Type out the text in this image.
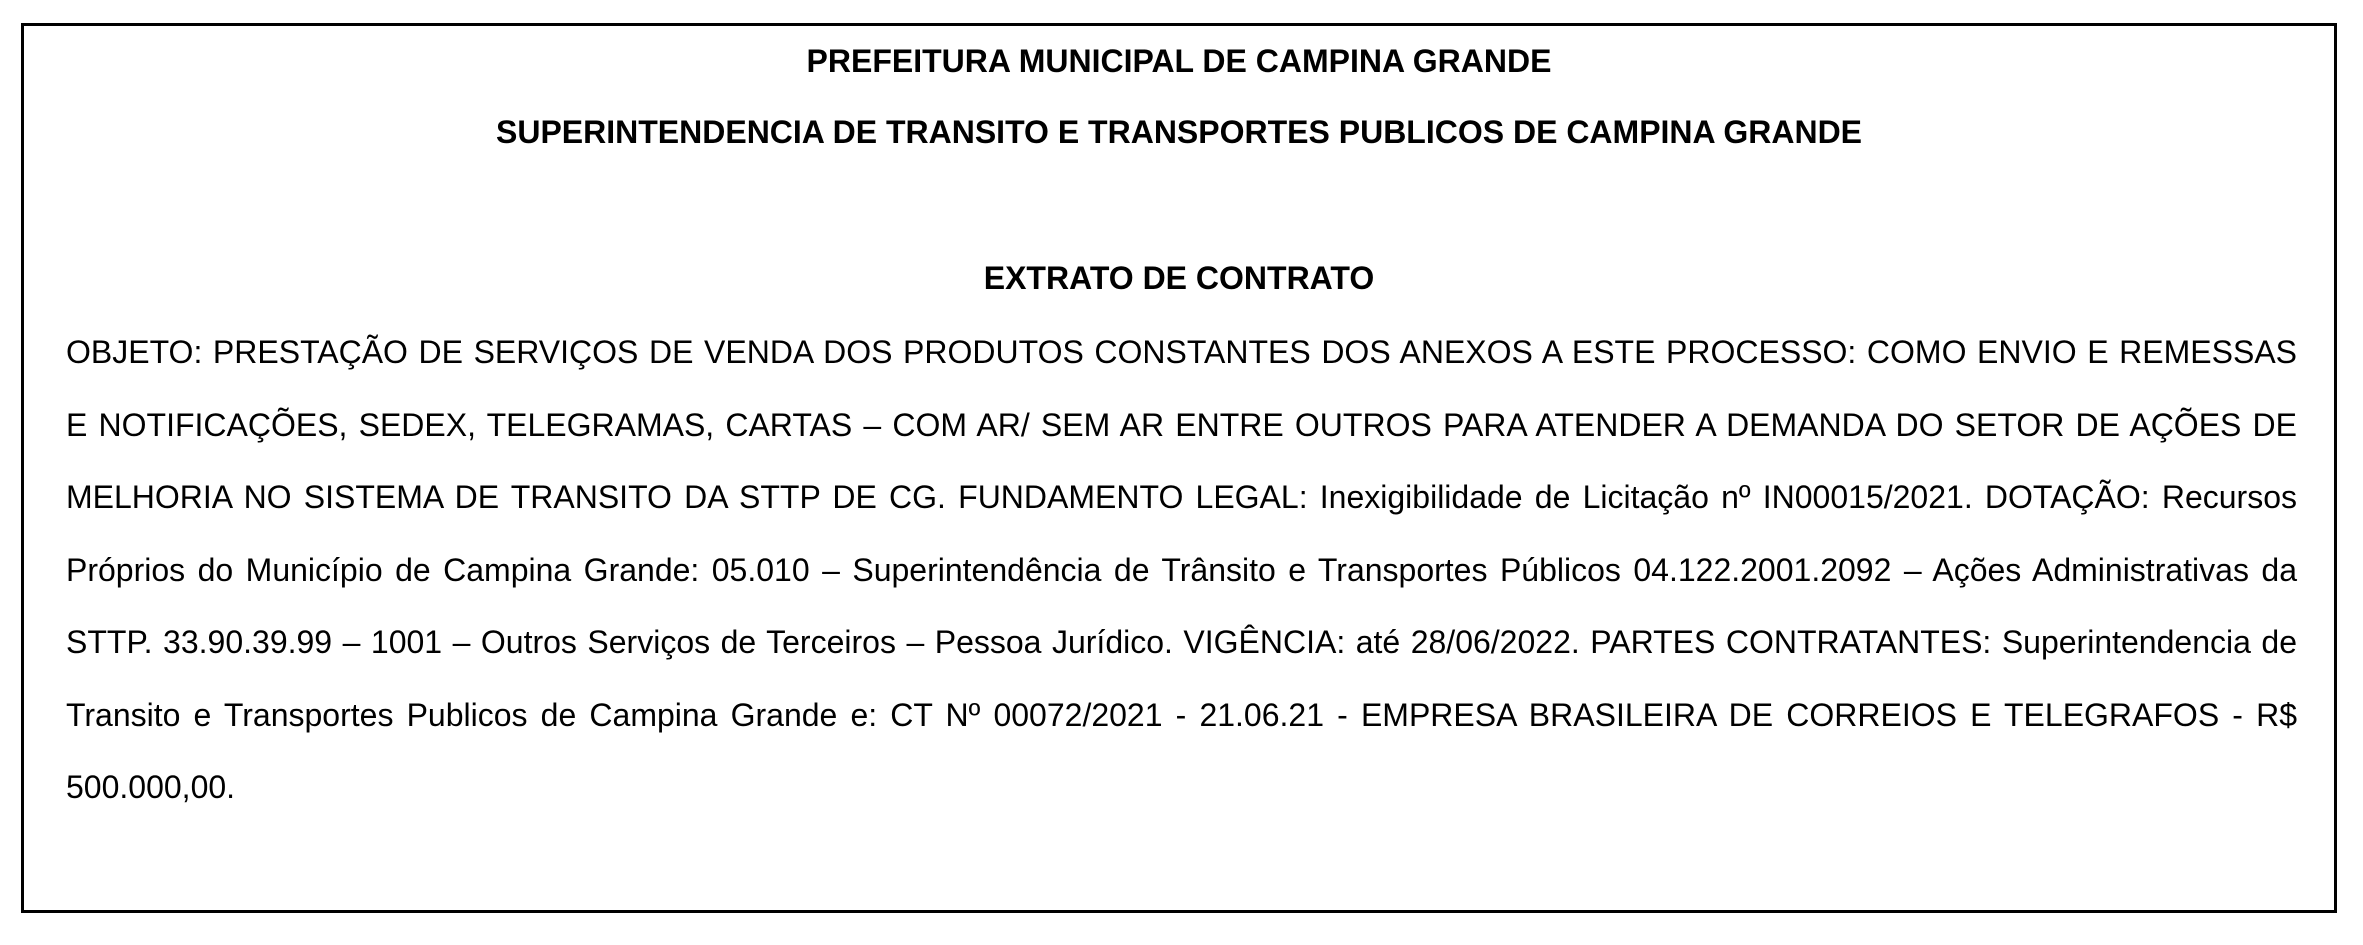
PREFEITURA MUNICIPAL DE CAMPINA GRANDE
SUPERINTENDENCIA DE TRANSITO E TRANSPORTES PUBLICOS DE CAMPINA GRANDE
EXTRATO DE CONTRATO

OBJETO: PRESTAÇÃO DE SERVIÇOS DE VENDA DOS PRODUTOS CONSTANTES DOS ANEXOS A ESTE PROCESSO: COMO ENVIO E REMESSAS E NOTIFICAÇÕES, SEDEX, TELEGRAMAS, CARTAS – COM AR/ SEM AR ENTRE OUTROS PARA ATENDER A DEMANDA DO SETOR DE AÇÕES DE MELHORIA NO SISTEMA DE TRANSITO DA STTP DE CG. FUNDAMENTO LEGAL: Inexigibilidade de Licitação nº IN00015/2021. DOTAÇÃO: Recursos Próprios do Município de Campina Grande: 05.010 – Superintendência de Trânsito e Transportes Públicos 04.122.2001.2092 – Ações Administrativas da STTP. 33.90.39.99 – 1001 – Outros Serviços de Terceiros – Pessoa Jurídico. VIGÊNCIA: até 28/06/2022. PARTES CONTRATANTES: Superintendencia de Transito e Transportes Publicos de Campina Grande e: CT Nº 00072/2021 - 21.06.21 - EMPRESA BRASILEIRA DE CORREIOS E TELEGRAFOS - R$ 500.000,00.
